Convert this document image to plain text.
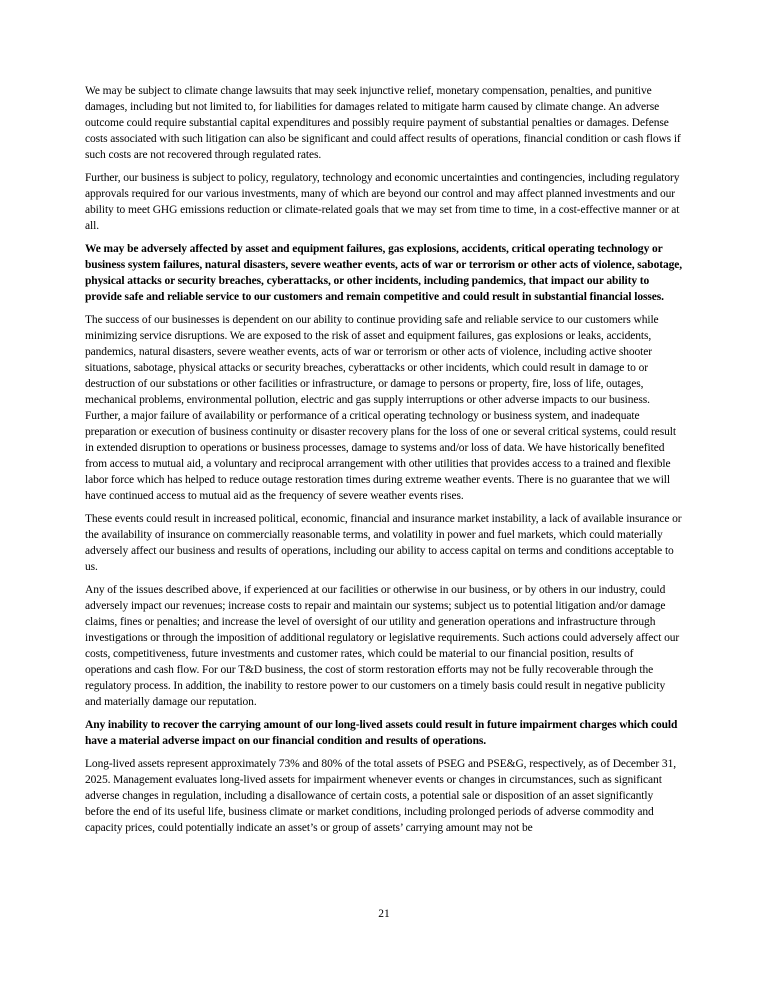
We may be subject to climate change lawsuits that may seek injunctive relief, monetary compensation, penalties, and punitive damages, including but not limited to, for liabilities for damages related to mitigate harm caused by climate change. An adverse outcome could require substantial capital expenditures and possibly require payment of substantial penalties or damages. Defense costs associated with such litigation can also be significant and could affect results of operations, financial condition or cash flows if such costs are not recovered through regulated rates.

Further, our business is subject to policy, regulatory, technology and economic uncertainties and contingencies, including regulatory approvals required for our various investments, many of which are beyond our control and may affect planned investments and our ability to meet GHG emissions reduction or climate-related goals that we may set from time to time, in a cost-effective manner or at all.

We may be adversely affected by asset and equipment failures, gas explosions, accidents, critical operating technology or business system failures, natural disasters, severe weather events, acts of war or terrorism or other acts of violence, sabotage, physical attacks or security breaches, cyberattacks, or other incidents, including pandemics, that impact our ability to provide safe and reliable service to our customers and remain competitive and could result in substantial financial losses.

The success of our businesses is dependent on our ability to continue providing safe and reliable service to our customers while minimizing service disruptions. We are exposed to the risk of asset and equipment failures, gas explosions or leaks, accidents, pandemics, natural disasters, severe weather events, acts of war or terrorism or other acts of violence, including active shooter situations, sabotage, physical attacks or security breaches, cyberattacks or other incidents, which could result in damage to or destruction of our substations or other facilities or infrastructure, or damage to persons or property, fire, loss of life, outages, mechanical problems, environmental pollution, electric and gas supply interruptions or other adverse impacts to our business. Further, a major failure of availability or performance of a critical operating technology or business system, and inadequate preparation or execution of business continuity or disaster recovery plans for the loss of one or several critical systems, could result in extended disruption to operations or business processes, damage to systems and/or loss of data. We have historically benefited from access to mutual aid, a voluntary and reciprocal arrangement with other utilities that provides access to a trained and flexible labor force which has helped to reduce outage restoration times during extreme weather events. There is no guarantee that we will have continued access to mutual aid as the frequency of severe weather events rises.

These events could result in increased political, economic, financial and insurance market instability, a lack of available insurance or the availability of insurance on commercially reasonable terms, and volatility in power and fuel markets, which could materially adversely affect our business and results of operations, including our ability to access capital on terms and conditions acceptable to us.

Any of the issues described above, if experienced at our facilities or otherwise in our business, or by others in our industry, could adversely impact our revenues; increase costs to repair and maintain our systems; subject us to potential litigation and/or damage claims, fines or penalties; and increase the level of oversight of our utility and generation operations and infrastructure through investigations or through the imposition of additional regulatory or legislative requirements. Such actions could adversely affect our costs, competitiveness, future investments and customer rates, which could be material to our financial position, results of operations and cash flow. For our T&D business, the cost of storm restoration efforts may not be fully recoverable through the regulatory process. In addition, the inability to restore power to our customers on a timely basis could result in negative publicity and materially damage our reputation.

Any inability to recover the carrying amount of our long-lived assets could result in future impairment charges which could have a material adverse impact on our financial condition and results of operations.

Long-lived assets represent approximately 73% and 80% of the total assets of PSEG and PSE&G, respectively, as of December 31, 2025. Management evaluates long-lived assets for impairment whenever events or changes in circumstances, such as significant adverse changes in regulation, including a disallowance of certain costs, a potential sale or disposition of an asset significantly before the end of its useful life, business climate or market conditions, including prolonged periods of adverse commodity and capacity prices, could potentially indicate an asset’s or group of assets’ carrying amount may not be

21
